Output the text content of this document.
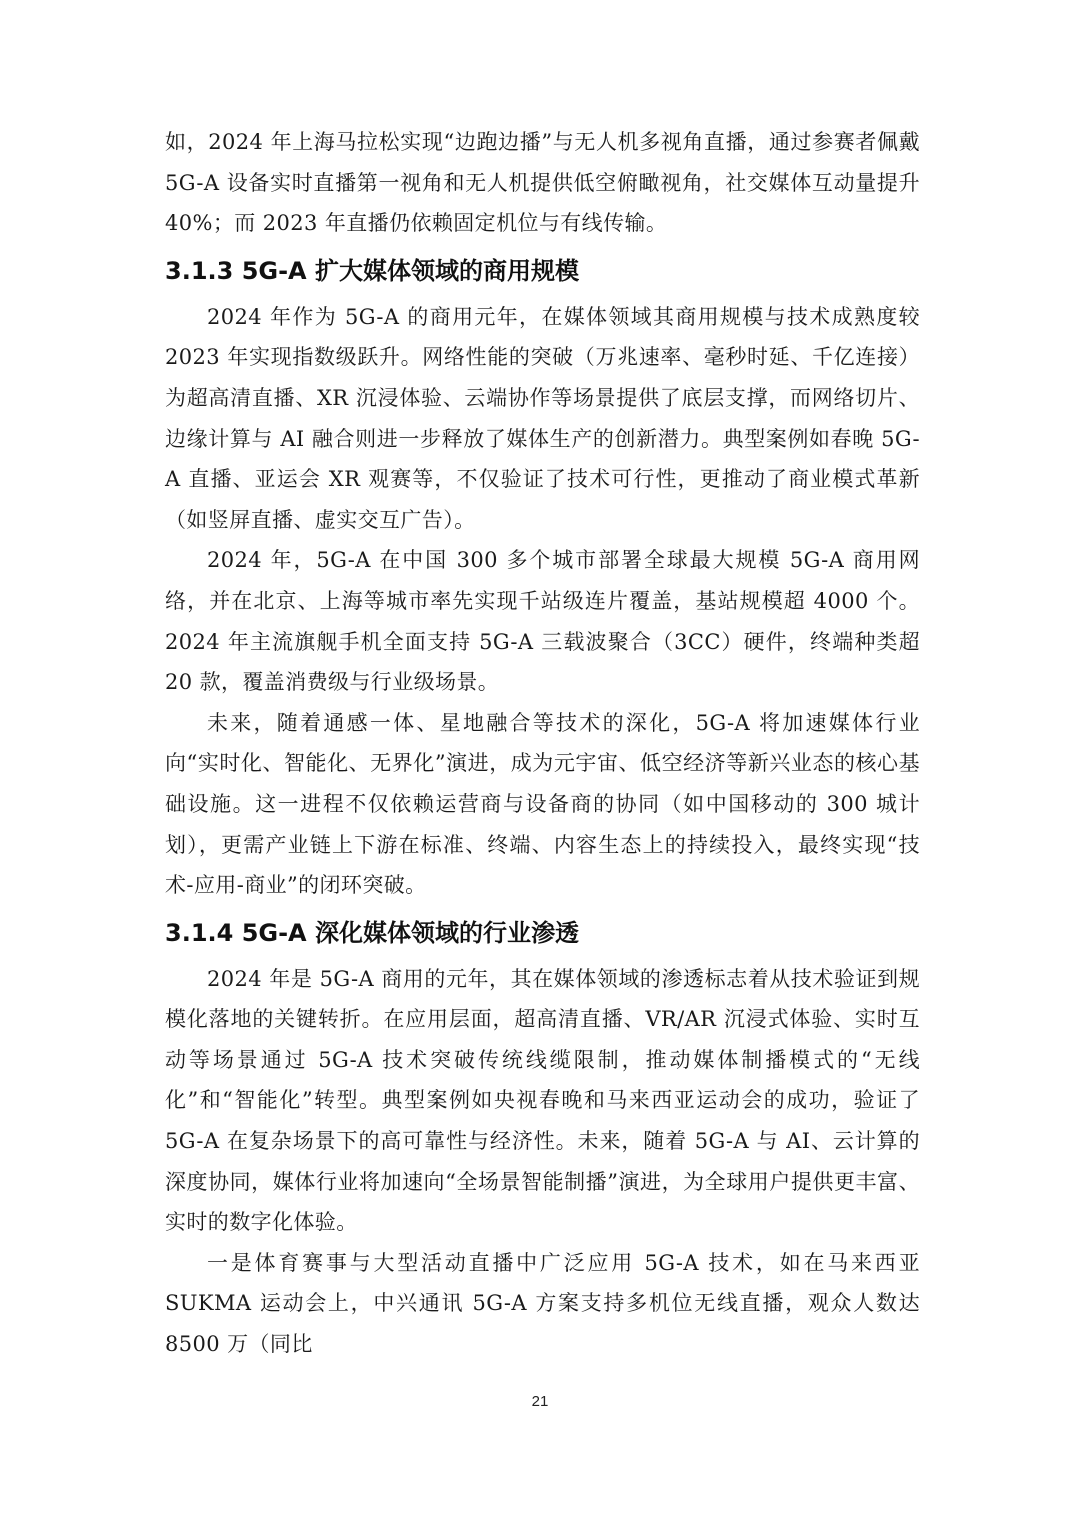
如，2024 年上海马拉松实现“边跑边播”与无人机多视角直播，通过参赛者佩戴 5G-A 设备实时直播第一视角和无人机提供低空俯瞰视角，社交媒体互动量提升 40%；而 2023 年直播仍依赖固定机位与有线传输。

3.1.3 5G-A 扩大媒体领域的商用规模

2024 年作为 5G-A 的商用元年，在媒体领域其商用规模与技术成熟度较 2023 年实现指数级跃升。网络性能的突破（万兆速率、毫秒时延、千亿连接）为超高清直播、XR 沉浸体验、云端协作等场景提供了底层支撑，而网络切片、边缘计算与 AI 融合则进一步释放了媒体生产的创新潜力。典型案例如春晚 5G-A 直播、亚运会 XR 观赛等，不仅验证了技术可行性，更推动了商业模式革新（如竖屏直播、虚实交互广告）。

2024 年，5G-A 在中国 300 多个城市部署全球最大规模 5G-A 商用网络，并在北京、上海等城市率先实现千站级连片覆盖，基站规模超 4000 个。2024 年主流旗舰手机全面支持 5G-A 三载波聚合（3CC）硬件，终端种类超 20 款，覆盖消费级与行业级场景。

未来，随着通感一体、星地融合等技术的深化，5G-A 将加速媒体行业向“实时化、智能化、无界化”演进，成为元宇宙、低空经济等新兴业态的核心基础设施。这一进程不仅依赖运营商与设备商的协同（如中国移动的 300 城计划），更需产业链上下游在标准、终端、内容生态上的持续投入，最终实现“技术-应用-商业”的闭环突破。

3.1.4 5G-A 深化媒体领域的行业渗透

2024 年是 5G-A 商用的元年，其在媒体领域的渗透标志着从技术验证到规模化落地的关键转折。在应用层面，超高清直播、VR/AR 沉浸式体验、实时互动等场景通过 5G-A 技术突破传统线缆限制，推动媒体制播模式的“无线化”和“智能化”转型。典型案例如央视春晚和马来西亚运动会的成功，验证了 5G-A 在复杂场景下的高可靠性与经济性。未来，随着 5G-A 与 AI、云计算的深度协同，媒体行业将加速向“全场景智能制播”演进，为全球用户提供更丰富、实时的数字化体验。

一是体育赛事与大型活动直播中广泛应用 5G-A 技术，如在马来西亚 SUKMA 运动会上，中兴通讯 5G-A 方案支持多机位无线直播，观众人数达 8500 万（同比

21
